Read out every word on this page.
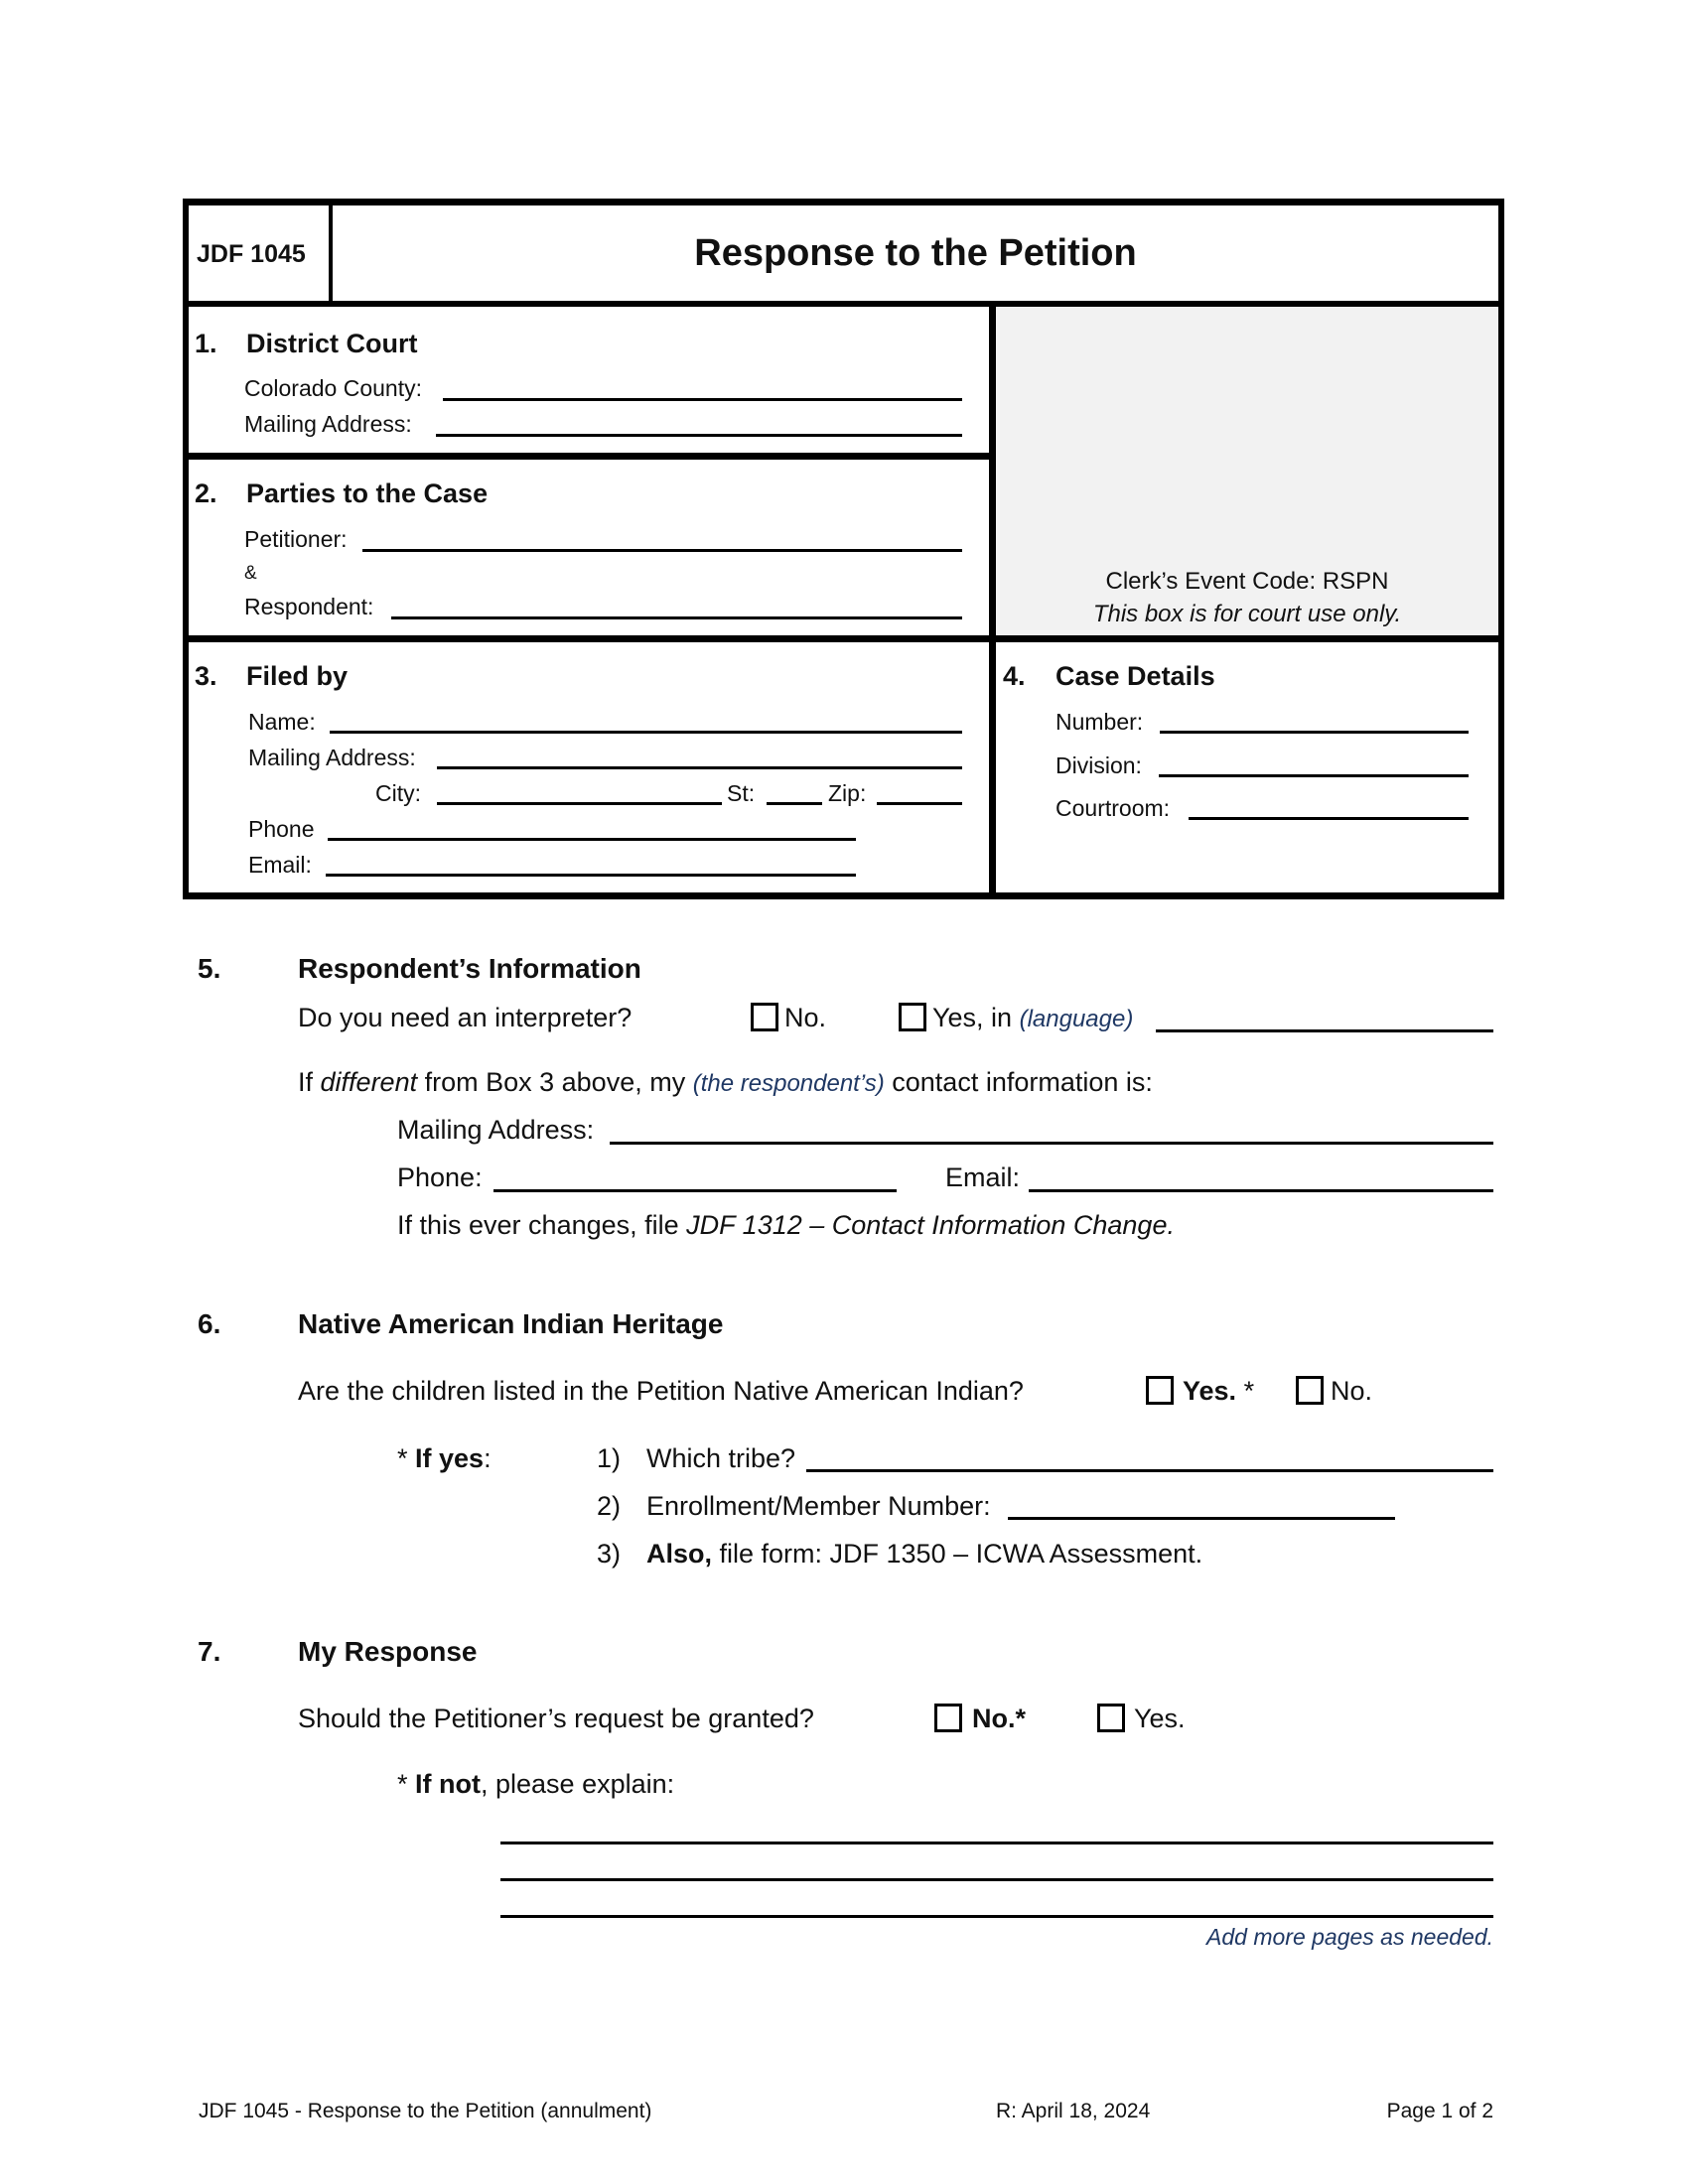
JDF 1045	Response to the Petition
1. District Court
Colorado County:
Mailing Address:
2. Parties to the Case
Petitioner:
&
Respondent:
Clerk’s Event Code: RSPN
This box is for court use only.
3. Filed by
Name:
Mailing Address:
City:	St:	Zip:
Phone
Email:
4. Case Details
Number:
Division:
Courtroom:
5.	Respondent’s Information
Do you need an interpreter?	No.	Yes, in (language)
If different from Box 3 above, my (the respondent’s) contact information is:
Mailing Address:
Phone:	Email:
If this ever changes, file JDF 1312 – Contact Information Change.
6.	Native American Indian Heritage
Are the children listed in the Petition Native American Indian?	Yes. *	No.
* If yes:	1) Which tribe?
2) Enrollment/Member Number:
3) Also, file form: JDF 1350 – ICWA Assessment.
7.	My Response
Should the Petitioner’s request be granted?	No.*	Yes.
* If not, please explain:
Add more pages as needed.
JDF 1045 - Response to the Petition (annulment)	R: April 18, 2024	Page 1 of 2
